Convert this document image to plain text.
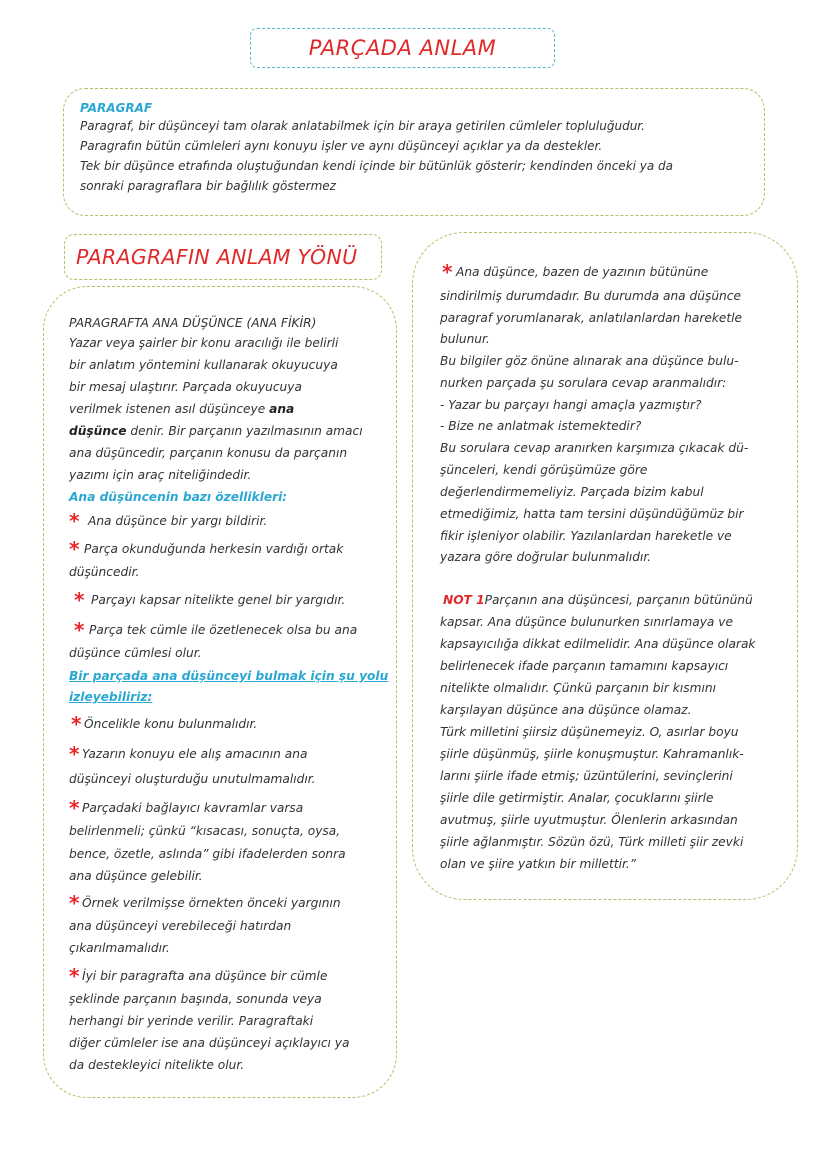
PARÇADA ANLAM
PARAGRAF
Paragraf, bir düşünceyi tam olarak anlatabilmek için bir araya getirilen cümleler topluluğudur.
Paragrafın bütün cümleleri aynı konuyu işler ve aynı düşünceyi açıklar ya da destekler.
Tek bir düşünce etrafında oluştuğundan kendi içinde bir bütünlük gösterir; kendinden önceki ya da
sonraki paragraflara bir bağlılık göstermez
PARAGRAFIN ANLAM YÖNÜ
PARAGRAFTA ANA DÜŞÜNCE (ANA FİKİR)
Yazar veya şairler bir konu aracılığı ile belirli
bir anlatım yöntemini kullanarak okuyucuya
bir mesaj ulaştırır. Parçada okuyucuya
verilmek istenen asıl düşünceye ana
düşünce denir. Bir parçanın yazılmasının amacı
ana düşüncedir, parçanın konusu da parçanın
yazımı için araç niteliğindedir.
Ana düşüncenin bazı özellikleri:
* Ana düşünce bir yargı bildirir.
* Parça okunduğunda herkesin vardığı ortak
düşüncedir.
* Parçayı kapsar nitelikte genel bir yargıdır.
* Parça tek cümle ile özetlenecek olsa bu ana
düşünce cümlesi olur.
Bir parçada ana düşünceyi bulmak için şu yolu
izleyebiliriz:
* Öncelikle konu bulunmalıdır.
* Yazarın konuyu ele alış amacının ana
düşünceyi oluşturduğu unutulmamalıdır.
* Parçadaki bağlayıcı kavramlar varsa
belirlenmeli; çünkü “kısacası, sonuçta, oysa,
bence, özetle, aslında” gibi ifadelerden sonra
ana düşünce gelebilir.
* Örnek verilmişse örnekten önceki yargının
ana düşünceyi verebileceği hatırdan
çıkarılmamalıdır.
* İyi bir paragrafta ana düşünce bir cümle
şeklinde parçanın başında, sonunda veya
herhangi bir yerinde verilir. Paragraftaki
diğer cümleler ise ana düşünceyi açıklayıcı ya
da destekleyici nitelikte olur.
* Ana düşünce, bazen de yazının bütününe
sindirilmiş durumdadır. Bu durumda ana düşünce
paragraf yorumlanarak, anlatılanlardan hareketle
bulunur.
Bu bilgiler göz önüne alınarak ana düşünce bulu-
nurken parçada şu sorulara cevap aranmalıdır:
- Yazar bu parçayı hangi amaçla yazmıştır?
- Bize ne anlatmak istemektedir?
Bu sorulara cevap aranırken karşımıza çıkacak dü-
şünceleri, kendi görüşümüze göre
değerlendirmemeliyiz. Parçada bizim kabul
etmediğimiz, hatta tam tersini düşündüğümüz bir
fikir işleniyor olabilir. Yazılanlardan hareketle ve
yazara göre doğrular bulunmalıdır.
NOT 1Parçanın ana düşüncesi, parçanın bütününü
kapsar. Ana düşünce bulunurken sınırlamaya ve
kapsayıcılığa dikkat edilmelidir. Ana düşünce olarak
belirlenecek ifade parçanın tamamını kapsayıcı
nitelikte olmalıdır. Çünkü parçanın bir kısmını
karşılayan düşünce ana düşünce olamaz.
Türk milletini şiirsiz düşünemeyiz. O, asırlar boyu
şiirle düşünmüş, şiirle konuşmuştur. Kahramanlık-
larını şiirle ifade etmiş; üzüntülerini, sevinçlerini
şiirle dile getirmiştir. Analar, çocuklarını şiirle
avutmuş, şiirle uyutmuştur. Ölenlerin arkasından
şiirle ağlanmıştır. Sözün özü, Türk milleti şiir zevki
olan ve şiire yatkın bir millettir.”
